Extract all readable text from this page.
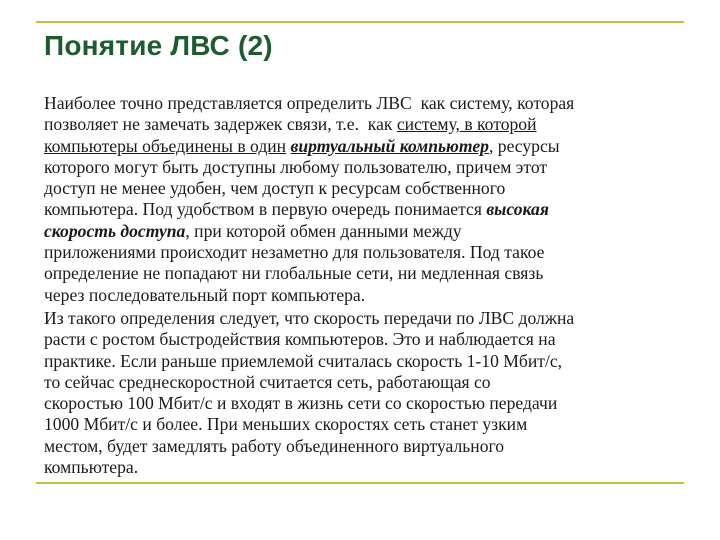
Понятие ЛВС (2)
Наиболее точно представляется определить ЛВС  как систему, которая
позволяет не замечать задержек связи, т.е.  как систему, в которой
компьютеры объединены в один виртуальный компьютер, ресурсы
которого могут быть доступны любому пользователю, причем этот
доступ не менее удобен, чем доступ к ресурсам собственного
компьютера. Под удобством в первую очередь понимается высокая
скорость доступа, при которой обмен данными между
приложениями происходит незаметно для пользователя. Под такое
определение не попадают ни глобальные сети, ни медленная связь
через последовательный порт компьютера.
Из такого определения следует, что скорость передачи по ЛВС должна
расти с ростом быстродействия компьютеров. Это и наблюдается на
практике. Если раньше приемлемой считалась скорость 1-10 Мбит/с,
то сейчас среднескоростной считается сеть, работающая со
скоростью 100 Мбит/с и входят в жизнь сети со скоростью передачи
1000 Мбит/с и более. При меньших скоростях сеть станет узким
местом, будет замедлять работу объединенного виртуального
компьютера.
